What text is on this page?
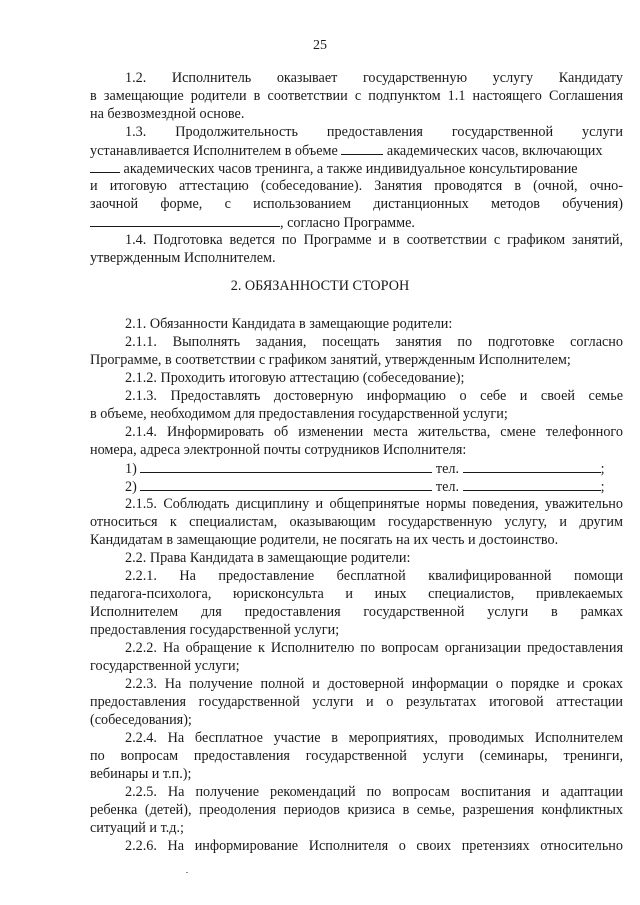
25
1.2. Исполнитель оказывает государственную услугу Кандидату
в замещающие родители в соответствии с подпунктом 1.1 настоящего Соглашения
на безвозмездной основе.
1.3. Продолжительность предоставления государственной услуги
устанавливается Исполнителем в объеме	академических часов, включающих
академических часов тренинга, а также индивидуальное консультирование
и итоговую аттестацию (собеседование). Занятия проводятся в (очной, очно-
заочной форме, с использованием дистанционных методов обучения)
, согласно Программе.
1.4. Подготовка ведется по Программе и в соответствии с графиком занятий,
утвержденным Исполнителем.
2. ОБЯЗАННОСТИ СТОРОН
2.1. Обязанности Кандидата в замещающие родители:
2.1.1. Выполнять задания, посещать занятия по подготовке согласно
Программе, в соответствии с графиком занятий, утвержденным Исполнителем;
2.1.2. Проходить итоговую аттестацию (собеседование);
2.1.3. Предоставлять достоверную информацию о себе и своей семье
в объеме, необходимом для предоставления государственной услуги;
2.1.4. Информировать об изменении места жительства, смене телефонного
номера, адреса электронной почты сотрудников Исполнителя:
1)	тел.	;
2)	тел.	;
2.1.5. Соблюдать дисциплину и общепринятые нормы поведения, уважительно
относиться к специалистам, оказывающим государственную услугу, и другим
Кандидатам в замещающие родители, не посягать на их честь и достоинство.
2.2. Права Кандидата в замещающие родители:
2.2.1. На предоставление бесплатной квалифицированной помощи
педагога-психолога, юрисконсульта и иных специалистов, привлекаемых
Исполнителем для предоставления государственной услуги в рамках
предоставления государственной услуги;
2.2.2. На обращение к Исполнителю по вопросам организации предоставления
государственной услуги;
2.2.3. На получение полной и достоверной информации о порядке и сроках
предоставления государственной услуги и о результатах итоговой аттестации
(собеседования);
2.2.4. На бесплатное участие в мероприятиях, проводимых Исполнителем
по вопросам предоставления государственной услуги (семинары, тренинги,
вебинары и т.п.);
2.2.5. На получение рекомендаций по вопросам воспитания и адаптации
ребенка (детей), преодоления периодов кризиса в семье, разрешения конфликтных
ситуаций и т.д.;
2.2.6. На информирование Исполнителя о своих претензиях относительно
